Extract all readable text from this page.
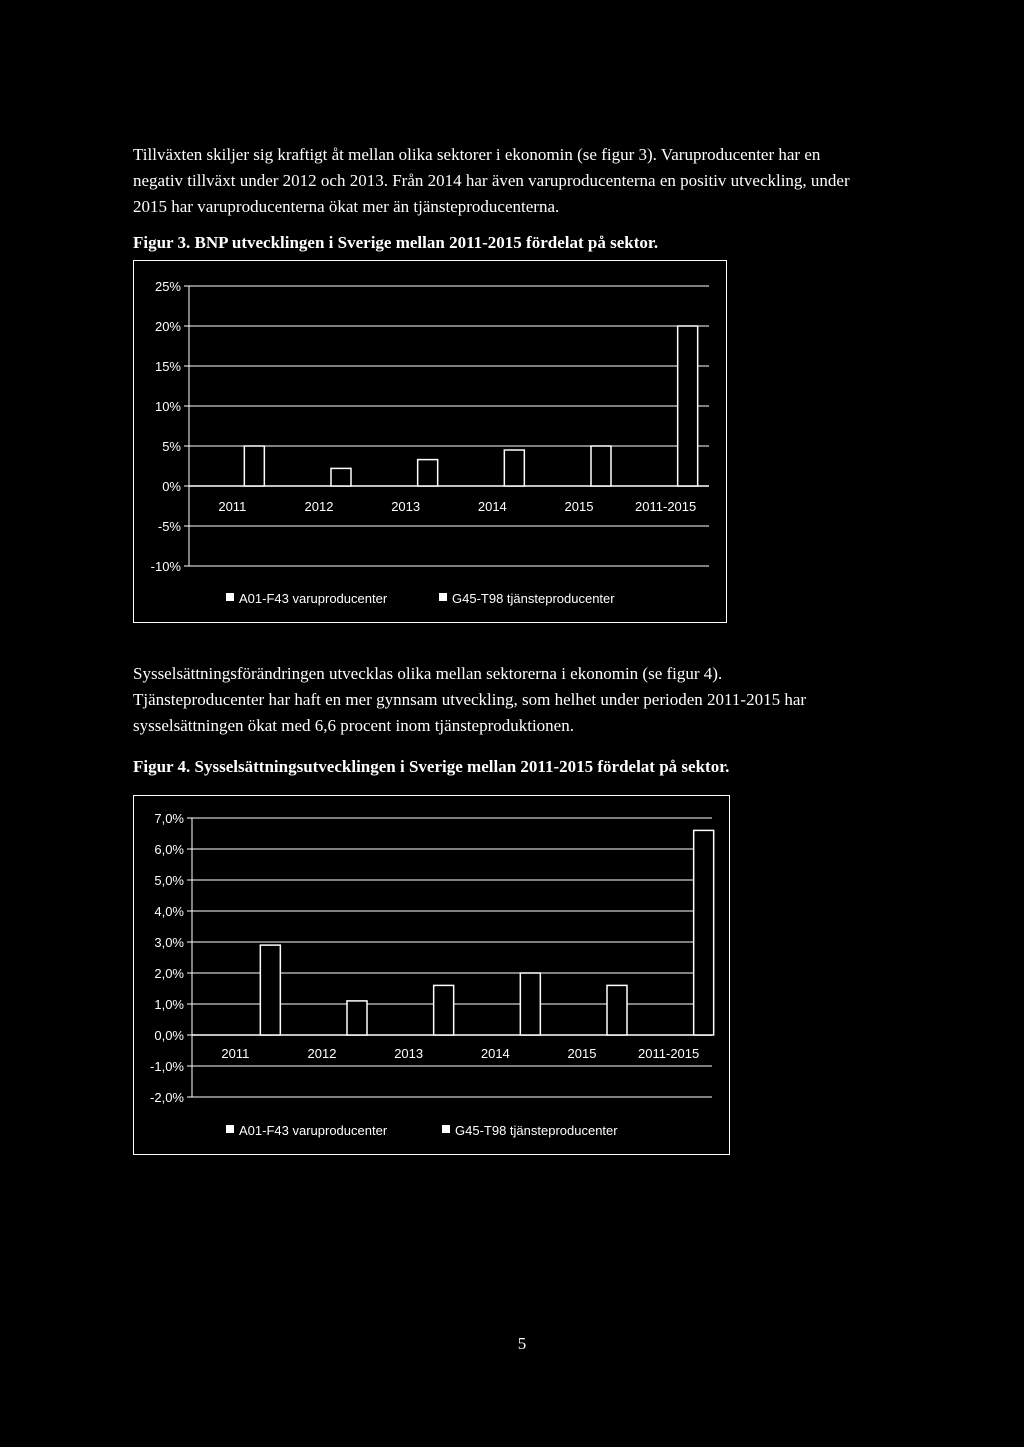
Tillväxten skiljer sig kraftigt åt mellan olika sektorer i ekonomin (se figur 3). Varuproducenter har en
negativ tillväxt under 2012 och 2013. Från 2014 har även varuproducenterna en positiv utveckling, under
2015 har varuproducenterna ökat mer än tjänsteproducenterna.

Figur 3. BNP utvecklingen i Sverige mellan 2011-2015 fördelat på sektor.

25%
20%
15%
10%
5%
0%
-5%
-10%
2011	2012	2013	2014	2015	2011-2015
A01-F43 varuproducenter	G45-T98 tjänsteproducenter
Sysselsättningsförändringen utvecklas olika mellan sektorerna i ekonomin (se figur 4).
Tjänsteproducenter har haft en mer gynnsam utveckling, som helhet under perioden 2011-2015 har
sysselsättningen ökat med 6,6 procent inom tjänsteproduktionen.

Figur 4. Sysselsättningsutvecklingen i Sverige mellan 2011-2015 fördelat på sektor.

7,0%
6,0%
5,0%
4,0%
3,0%
2,0%
1,0%
0,0%
-1,0%
-2,0%
2011	2012	2013	2014	2015	2011-2015
A01-F43 varuproducenter	G45-T98 tjänsteproducenter
5
